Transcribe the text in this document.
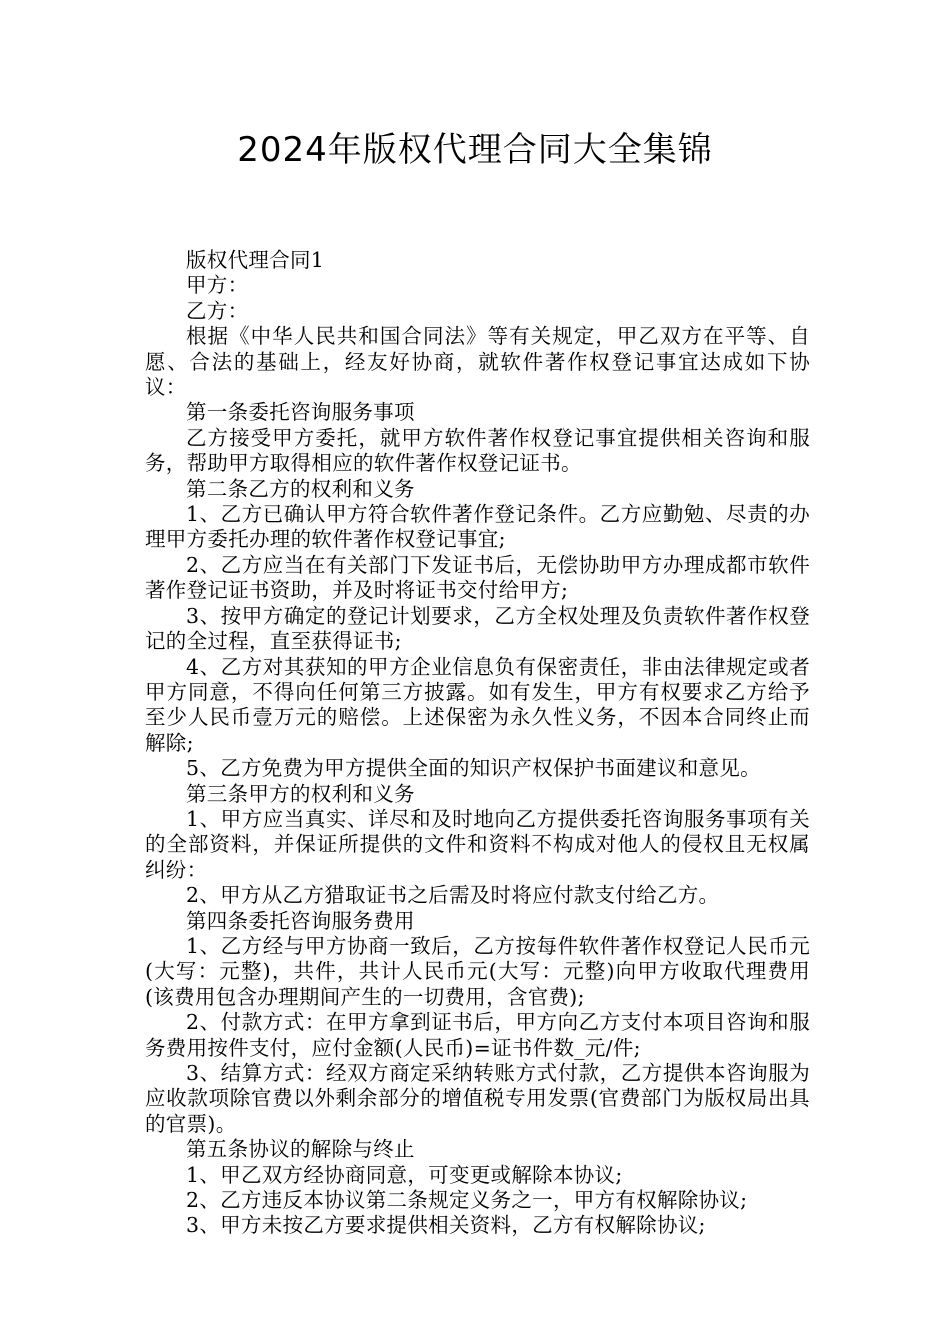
2024年版权代理合同大全集锦

版权代理合同1

甲方：

乙方：

根据《中华人民共和国合同法》等有关规定，甲乙双方在平等、自愿、合法的基础上，经友好协商，就软件著作权登记事宜达成如下协议：

第一条委托咨询服务事项

乙方接受甲方委托，就甲方软件著作权登记事宜提供相关咨询和服务，帮助甲方取得相应的软件著作权登记证书。

第二条乙方的权利和义务

1、乙方已确认甲方符合软件著作登记条件。乙方应勤勉、尽责的办理甲方委托办理的软件著作权登记事宜;

2、乙方应当在有关部门下发证书后，无偿协助甲方办理成都市软件著作登记证书资助，并及时将证书交付给甲方;

3、按甲方确定的登记计划要求，乙方全权处理及负责软件著作权登记的全过程，直至获得证书;

4、乙方对其获知的甲方企业信息负有保密责任，非由法律规定或者甲方同意，不得向任何第三方披露。如有发生，甲方有权要求乙方给予至少人民币壹万元的赔偿。上述保密为永久性义务，不因本合同终止而解除;

5、乙方免费为甲方提供全面的知识产权保护书面建议和意见。

第三条甲方的权利和义务

1、甲方应当真实、详尽和及时地向乙方提供委托咨询服务事项有关的全部资料，并保证所提供的文件和资料不构成对他人的侵权且无权属纠纷：

2、甲方从乙方猎取证书之后需及时将应付款支付给乙方。

第四条委托咨询服务费用

1、乙方经与甲方协商一致后，乙方按每件软件著作权登记人民币元(大写：元整)，共件，共计人民币元(大写：元整)向甲方收取代理费用(该费用包含办理期间产生的一切费用，含官费);

2、付款方式：在甲方拿到证书后，甲方向乙方支付本项目咨询和服务费用按件支付，应付金额(人民币)=证书件数_元/件;

3、结算方式：经双方商定采纳转账方式付款，乙方提供本咨询服为应收款项除官费以外剩余部分的增值税专用发票(官费部门为版权局出具的官票)。

第五条协议的解除与终止

1、甲乙双方经协商同意，可变更或解除本协议;

2、乙方违反本协议第二条规定义务之一，甲方有权解除协议;

3、甲方未按乙方要求提供相关资料，乙方有权解除协议;
